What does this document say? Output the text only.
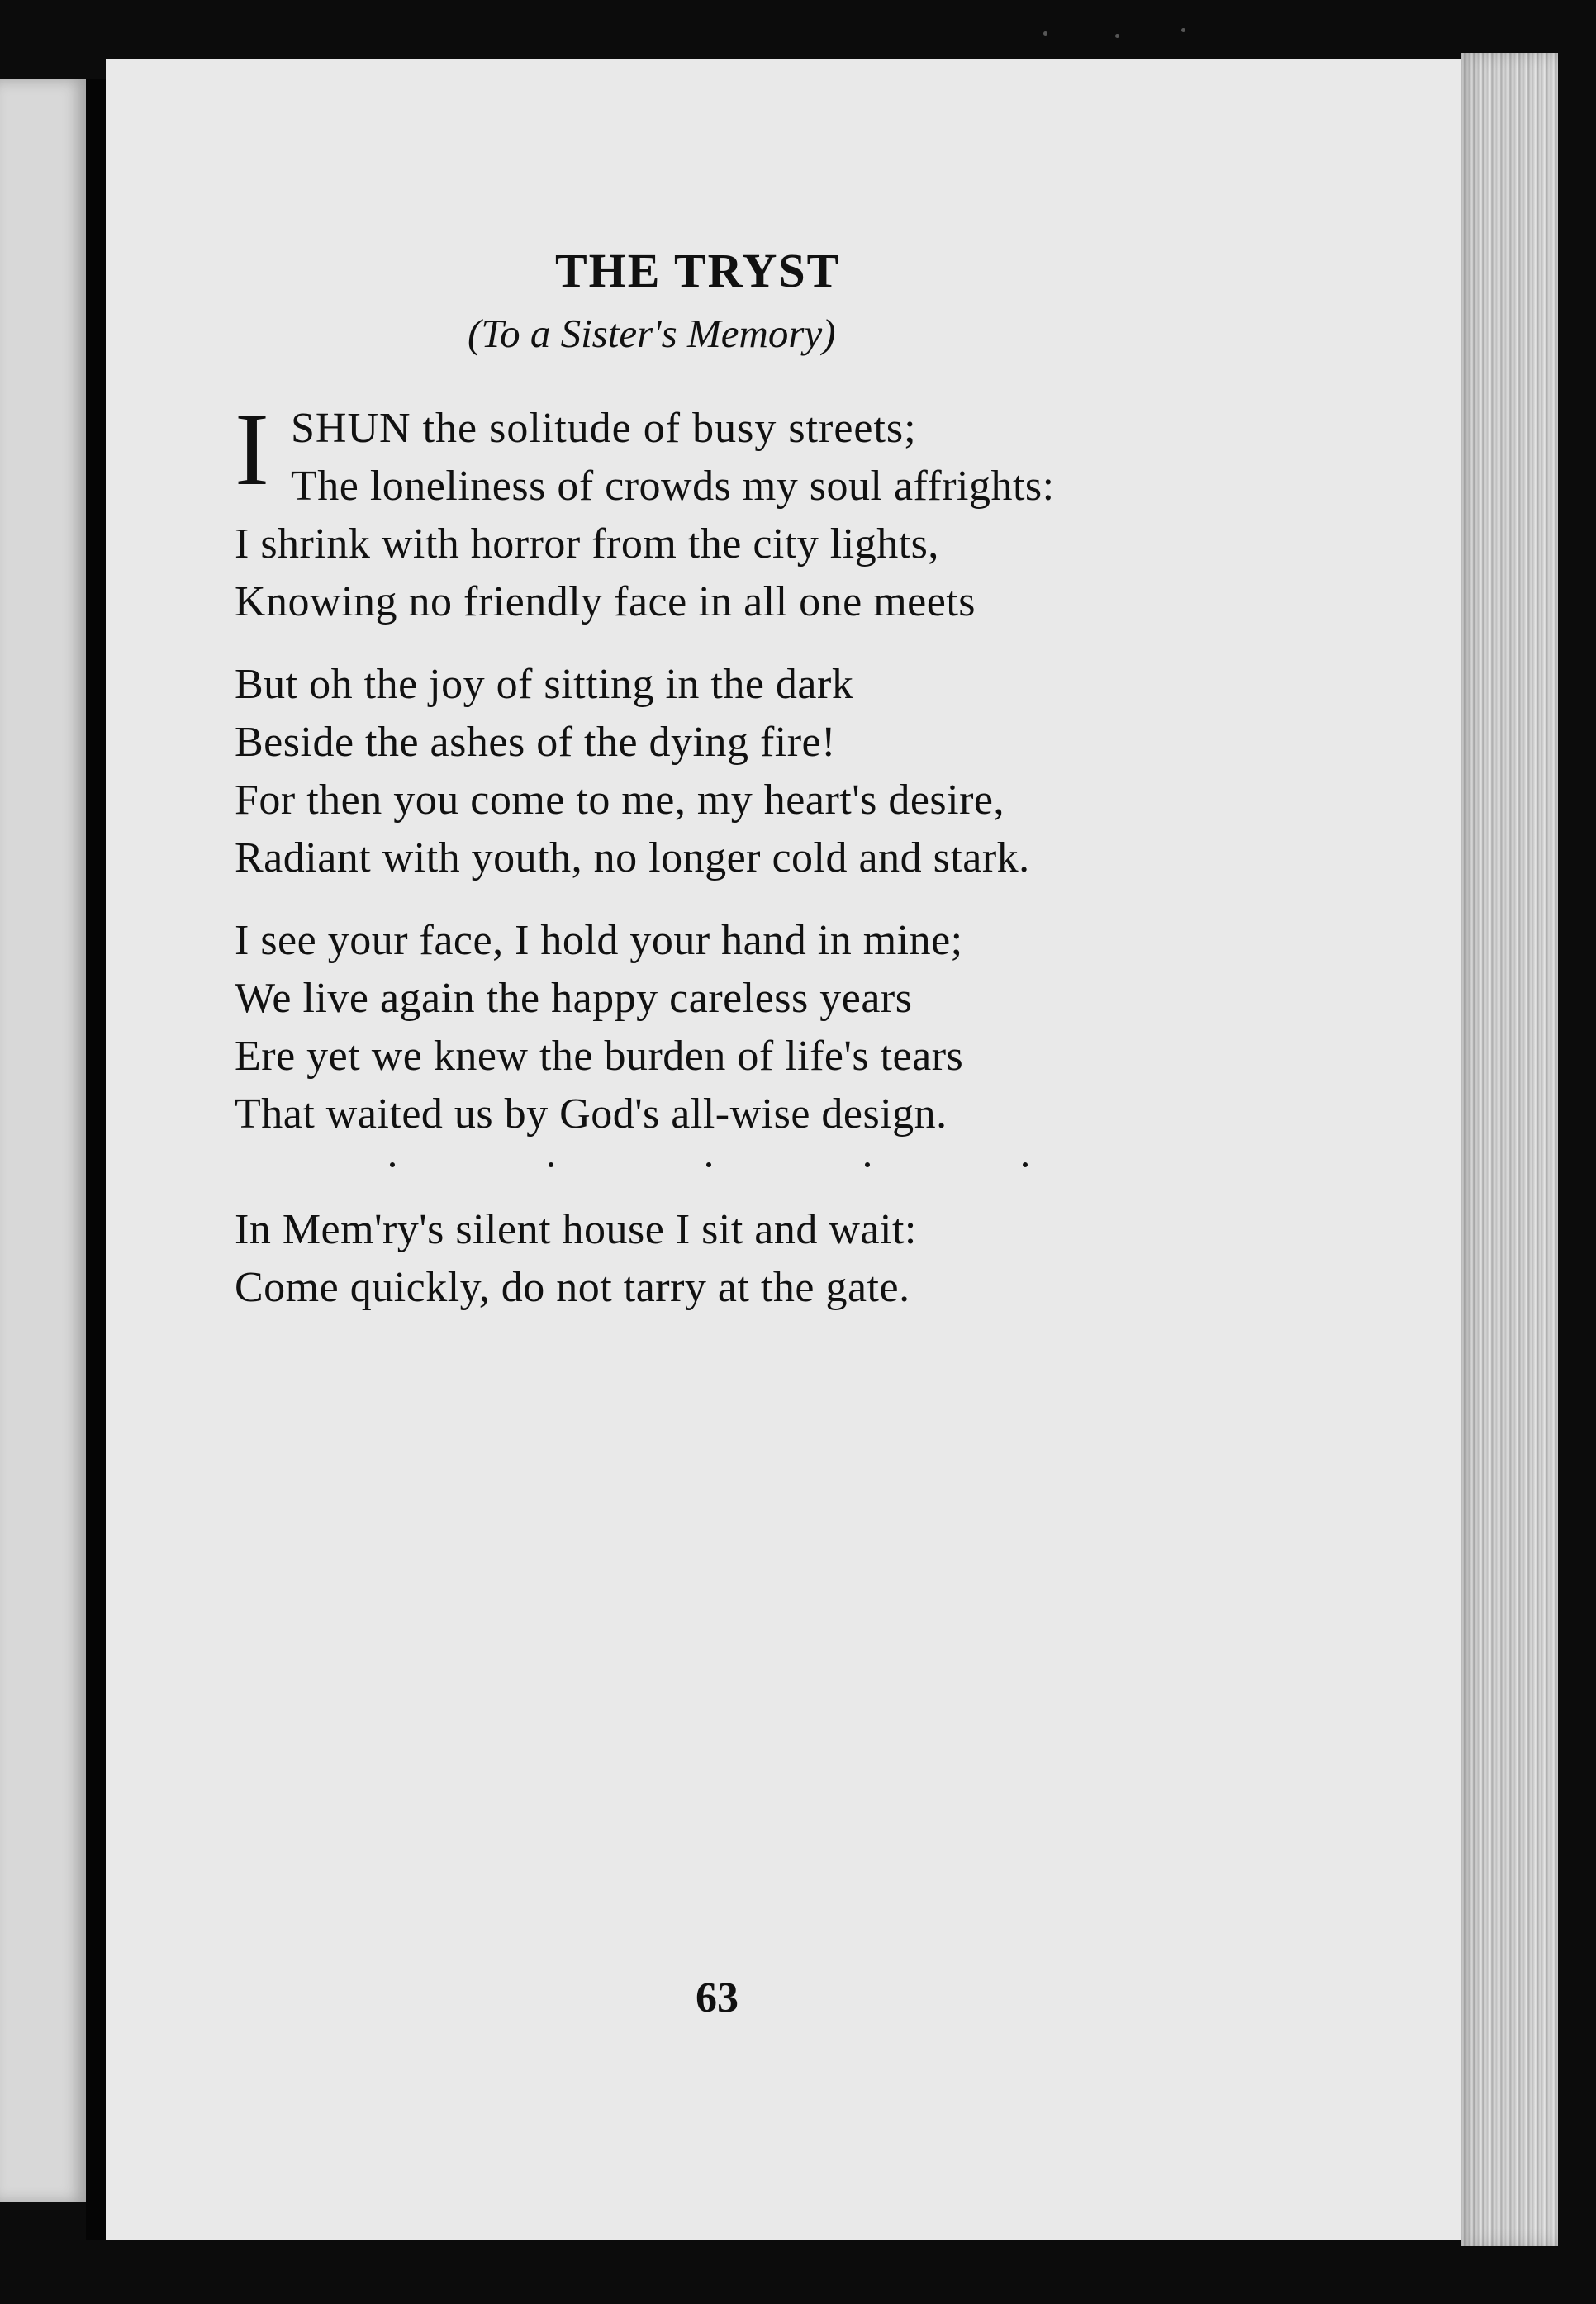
THE TRYST
(To a Sister's Memory)
I SHUN the solitude of busy streets;
The loneliness of crowds my soul affrights:
I shrink with horror from the city lights,
Knowing no friendly face in all one meets
But oh the joy of sitting in the dark
Beside the ashes of the dying fire!
For then you come to me, my heart's desire,
Radiant with youth, no longer cold and stark.
I see your face, I hold your hand in mine;
We live again the happy careless years
Ere yet we knew the burden of life's tears
That waited us by God's all-wise design.
In Mem'ry's silent house I sit and wait:
Come quickly, do not tarry at the gate.
63
